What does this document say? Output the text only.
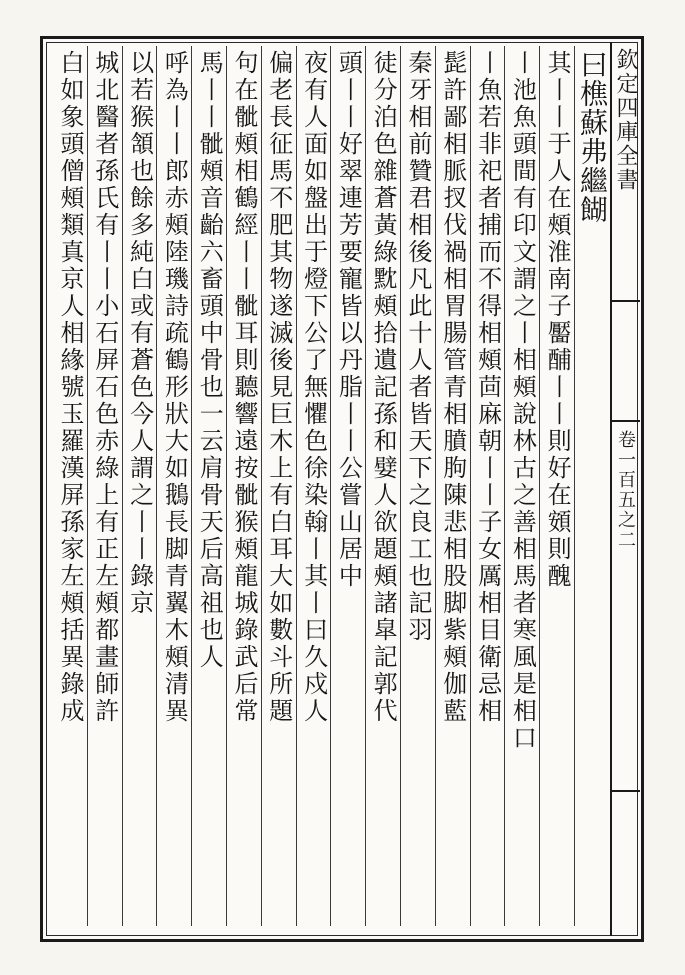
欽定四庫全書
卷一百五之二
曰樵蘇弗繼餬
其丨丨于人在頰淮南子靨酺丨丨則好在頞則醜
丨池魚頭間有印文謂之丨相頰說林古之善相馬者寒風是相口
丨魚若非祀者捕而不得相頰茴麻朝丨丨子女厲相目衛忌相
髭許鄙相脈扠伐禍相胃腸管青相膹朐陳悲相股脚紫頰伽藍
秦牙相前贊君相後凡此十人者皆天下之良工也記羽
徒分泊色雜蒼黃綠黕頰拾遺記孫和嬖人欲題頰諸皐記郭代
頭丨丨好翠連芳要寵皆以丹脂丨丨公嘗山居中
夜有人面如盤出于燈下公了無懼色徐染翰丨其丨曰久戍人
偏老長征馬不肥其物遂滅後見巨木上有白耳大如數斗所題
句在骴頰相鶴經丨丨骴耳則聽響遠按骴猴頰龍城錄武后常
馬丨丨骴頰音齝六畜頭中骨也一云肩骨天后高祖也人
呼為丨丨郎赤頰陸璣詩疏鶴形狀大如鵝長脚青翼木頰清異
以若猴頷也餘多純白或有蒼色今人謂之丨丨錄京
城北醫者孫氏有丨丨小石屏石色赤綠上有正左頰都畫師許
白如象頭僧頰類真京人相緣號玉羅漢屏孫家左頰括異錄成
